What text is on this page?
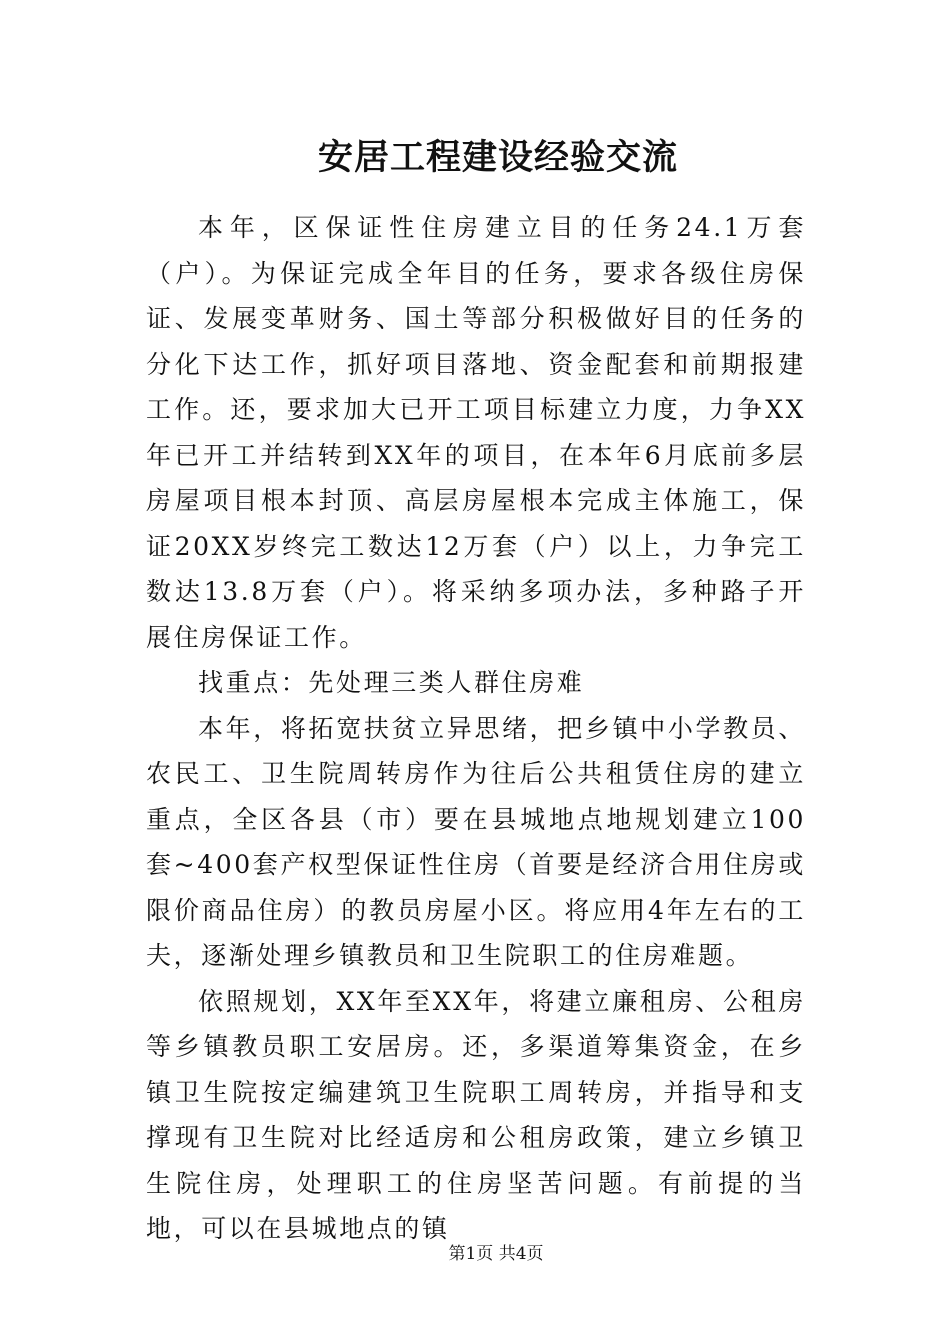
安居工程建设经验交流

本年，区保证性住房建立目的任务24.1万套（户）。为保证完成全年目的任务，要求各级住房保证、发展变革财务、国土等部分积极做好目的任务的分化下达工作，抓好项目落地、资金配套和前期报建工作。还，要求加大已开工项目标建立力度，力争XX年已开工并结转到XX年的项目，在本年6月底前多层房屋项目根本封顶、高层房屋根本完成主体施工，保证20XX岁终完工数达12万套（户）以上，力争完工数达13.8万套（户）。将采纳多项办法，多种路子开展住房保证工作。

找重点：先处理三类人群住房难

本年，将拓宽扶贫立异思绪，把乡镇中小学教员、农民工、卫生院周转房作为往后公共租赁住房的建立重点，全区各县（市）要在县城地点地规划建立100套~400套产权型保证性住房（首要是经济合用住房或限价商品住房）的教员房屋小区。将应用4年左右的工夫，逐渐处理乡镇教员和卫生院职工的住房难题。

依照规划，XX年至XX年，将建立廉租房、公租房等乡镇教员职工安居房。还，多渠道筹集资金，在乡镇卫生院按定编建筑卫生院职工周转房，并指导和支撑现有卫生院对比经适房和公租房政策，建立乡镇卫生院住房，处理职工的住房坚苦问题。有前提的当地，可以在县城地点的镇

第1页 共4页
